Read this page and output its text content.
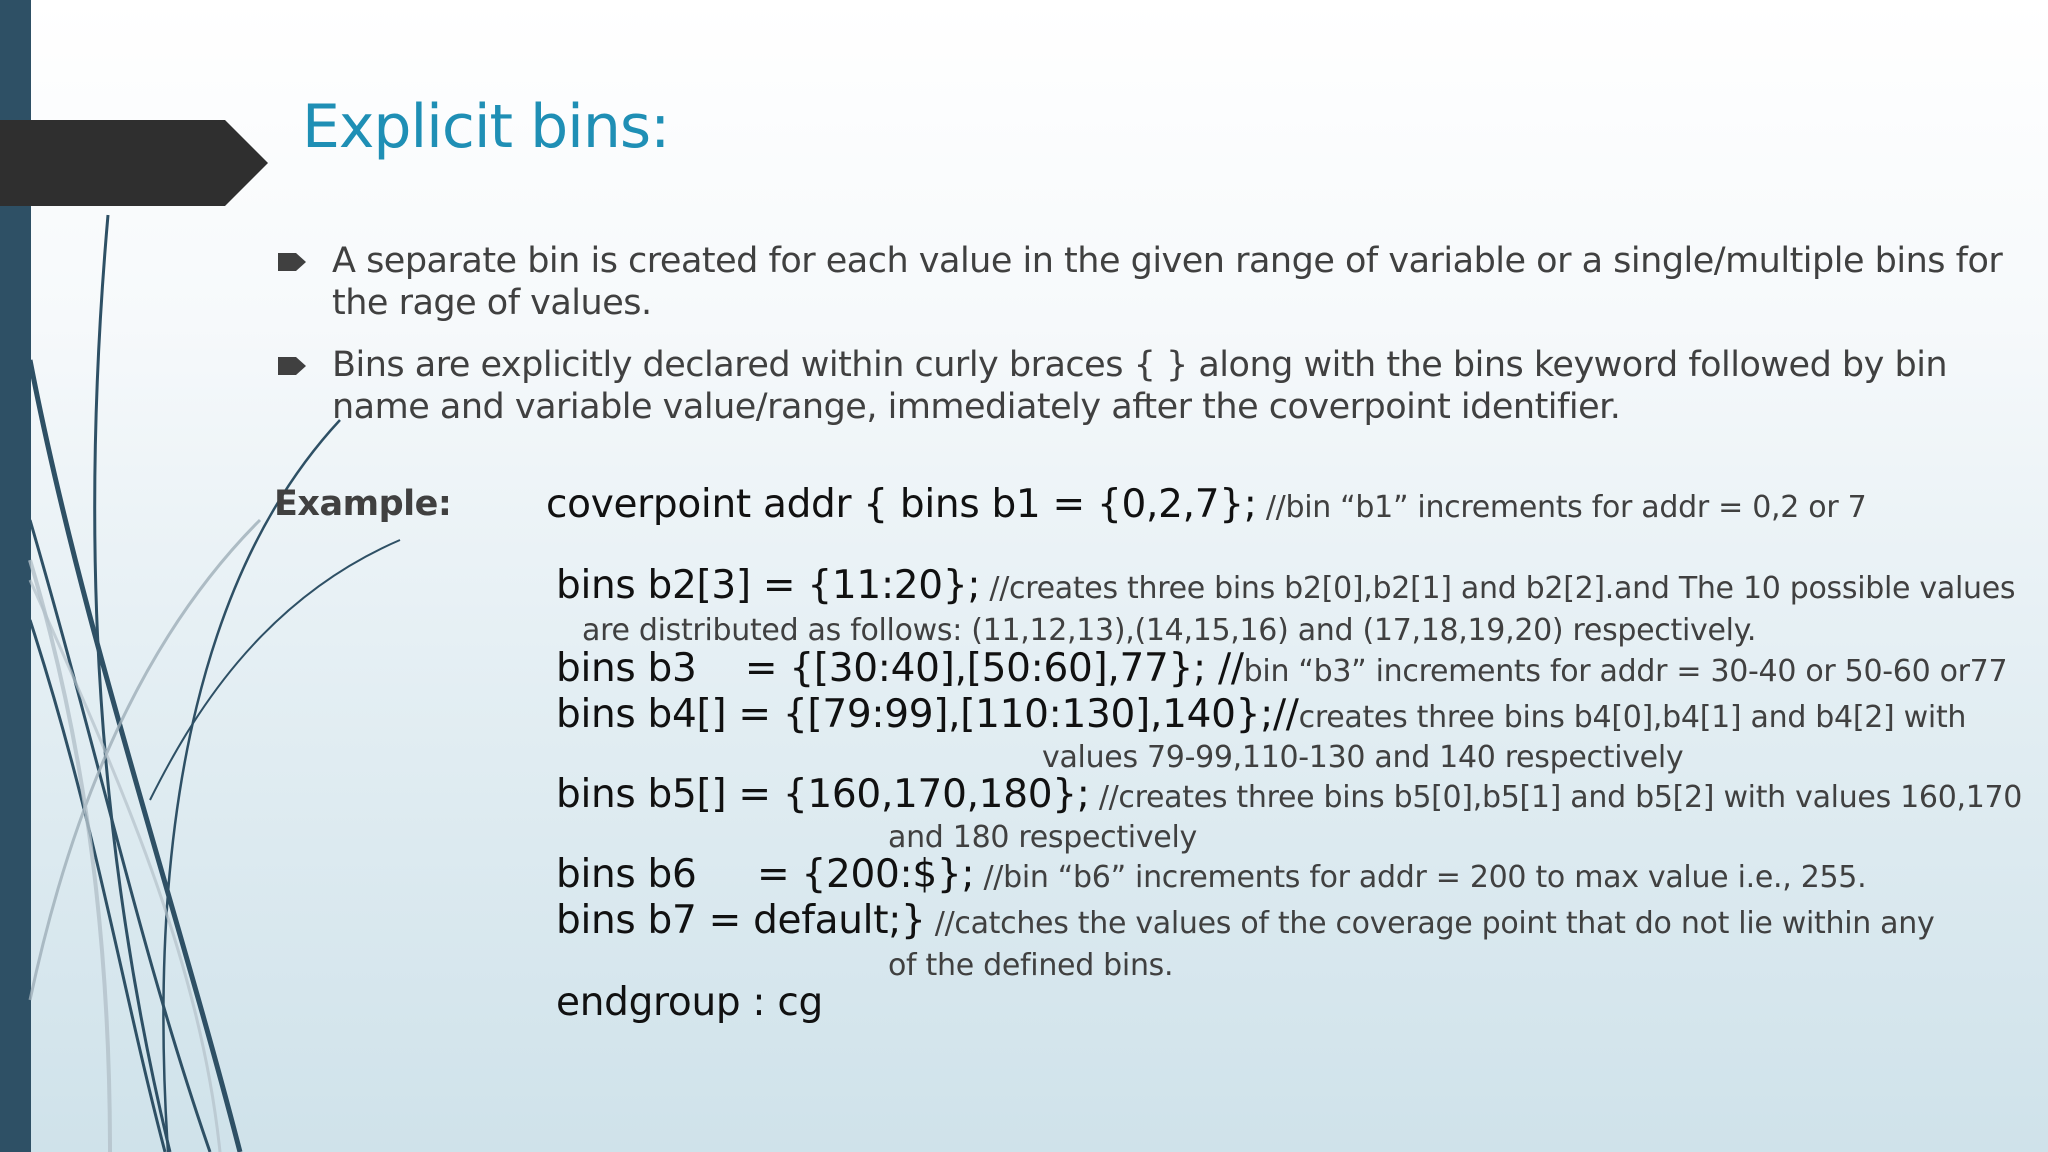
Explicit bins:
A separate bin is created for each value in the given range of variable or a single/multiple bins for the rage of values.
Bins are explicitly declared within curly braces { } along with the bins keyword followed by bin name and variable value/range, immediately after the coverpoint identifier.
Example: coverpoint addr { bins b1 = {0,2,7}; //bin “b1” increments for addr = 0,2 or 7
bins b2[3] = {11:20}; //creates three bins b2[0],b2[1] and b2[2].and The 10 possible values
are distributed as follows: (11,12,13),(14,15,16) and (17,18,19,20) respectively.
bins b3    = {[30:40],[50:60],77}; //bin “b3” increments for addr = 30-40 or 50-60 or77
bins b4[] = {[79:99],[110:130],140};//creates three bins b4[0],b4[1] and b4[2] with
values 79-99,110-130 and 140 respectively
bins b5[] = {160,170,180}; //creates three bins b5[0],b5[1] and b5[2] with values 160,170
and 180 respectively
bins b6     = {200:$}; //bin “b6” increments for addr = 200 to max value i.e., 255.
bins b7 = default;} //catches the values of the coverage point that do not lie within any
of the defined bins.
endgroup : cg
